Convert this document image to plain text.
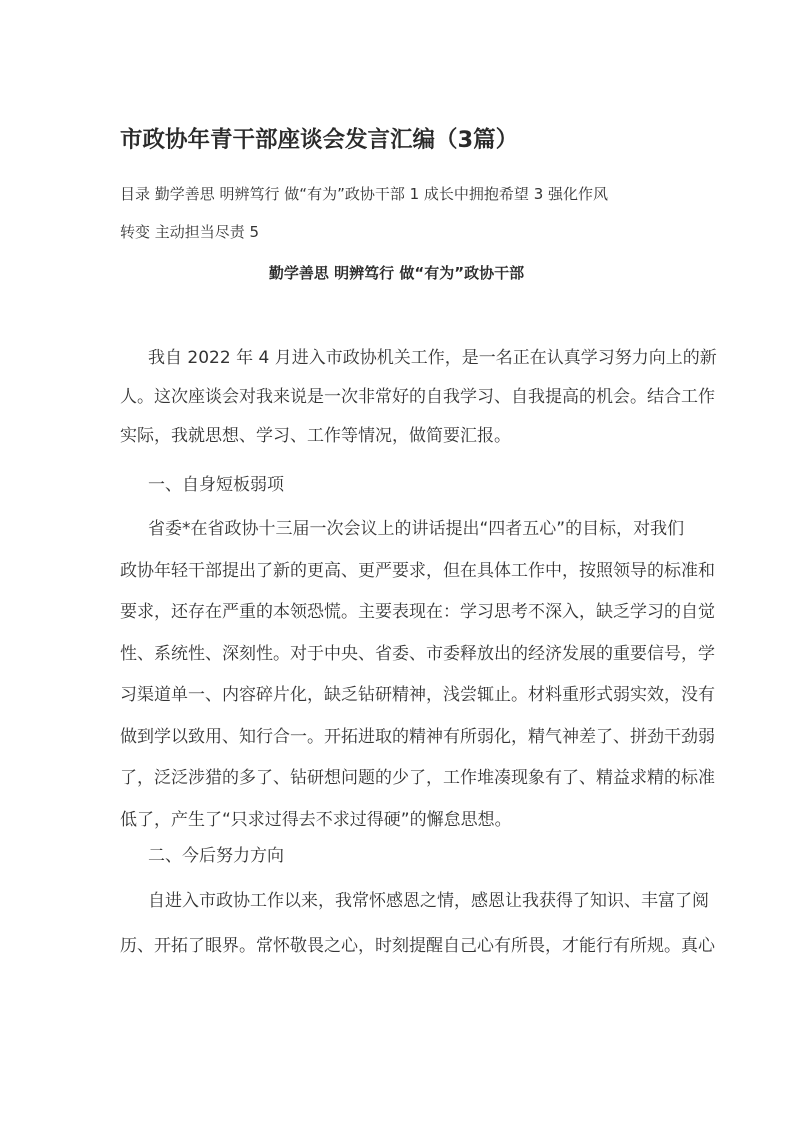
市政协年青干部座谈会发言汇编（3篇）
目录 勤学善思 明辨笃行 做“有为”政协干部 1 成长中拥抱希望 3 强化作风
转变 主动担当尽责 5
勤学善思 明辨笃行 做“有为”政协干部
我自 2022 年 4 月进入市政协机关工作，是一名正在认真学习努力向上的新
人。这次座谈会对我来说是一次非常好的自我学习、自我提高的机会。结合工作
实际，我就思想、学习、工作等情况，做简要汇报。
一、自身短板弱项
省委*在省政协十三届一次会议上的讲话提出“四者五心”的目标，对我们
政协年轻干部提出了新的更高、更严要求，但在具体工作中，按照领导的标准和
要求，还存在严重的本领恐慌。主要表现在：学习思考不深入，缺乏学习的自觉
性、系统性、深刻性。对于中央、省委、市委释放出的经济发展的重要信号，学
习渠道单一、内容碎片化，缺乏钻研精神，浅尝辄止。材料重形式弱实效，没有
做到学以致用、知行合一。开拓进取的精神有所弱化，精气神差了、拼劲干劲弱
了，泛泛涉猎的多了、钻研想问题的少了，工作堆凑现象有了、精益求精的标准
低了，产生了“只求过得去不求过得硬”的懈怠思想。
二、今后努力方向
自进入市政协工作以来，我常怀感恩之情，感恩让我获得了知识、丰富了阅
历、开拓了眼界。常怀敬畏之心，时刻提醒自己心有所畏，才能行有所规。真心
